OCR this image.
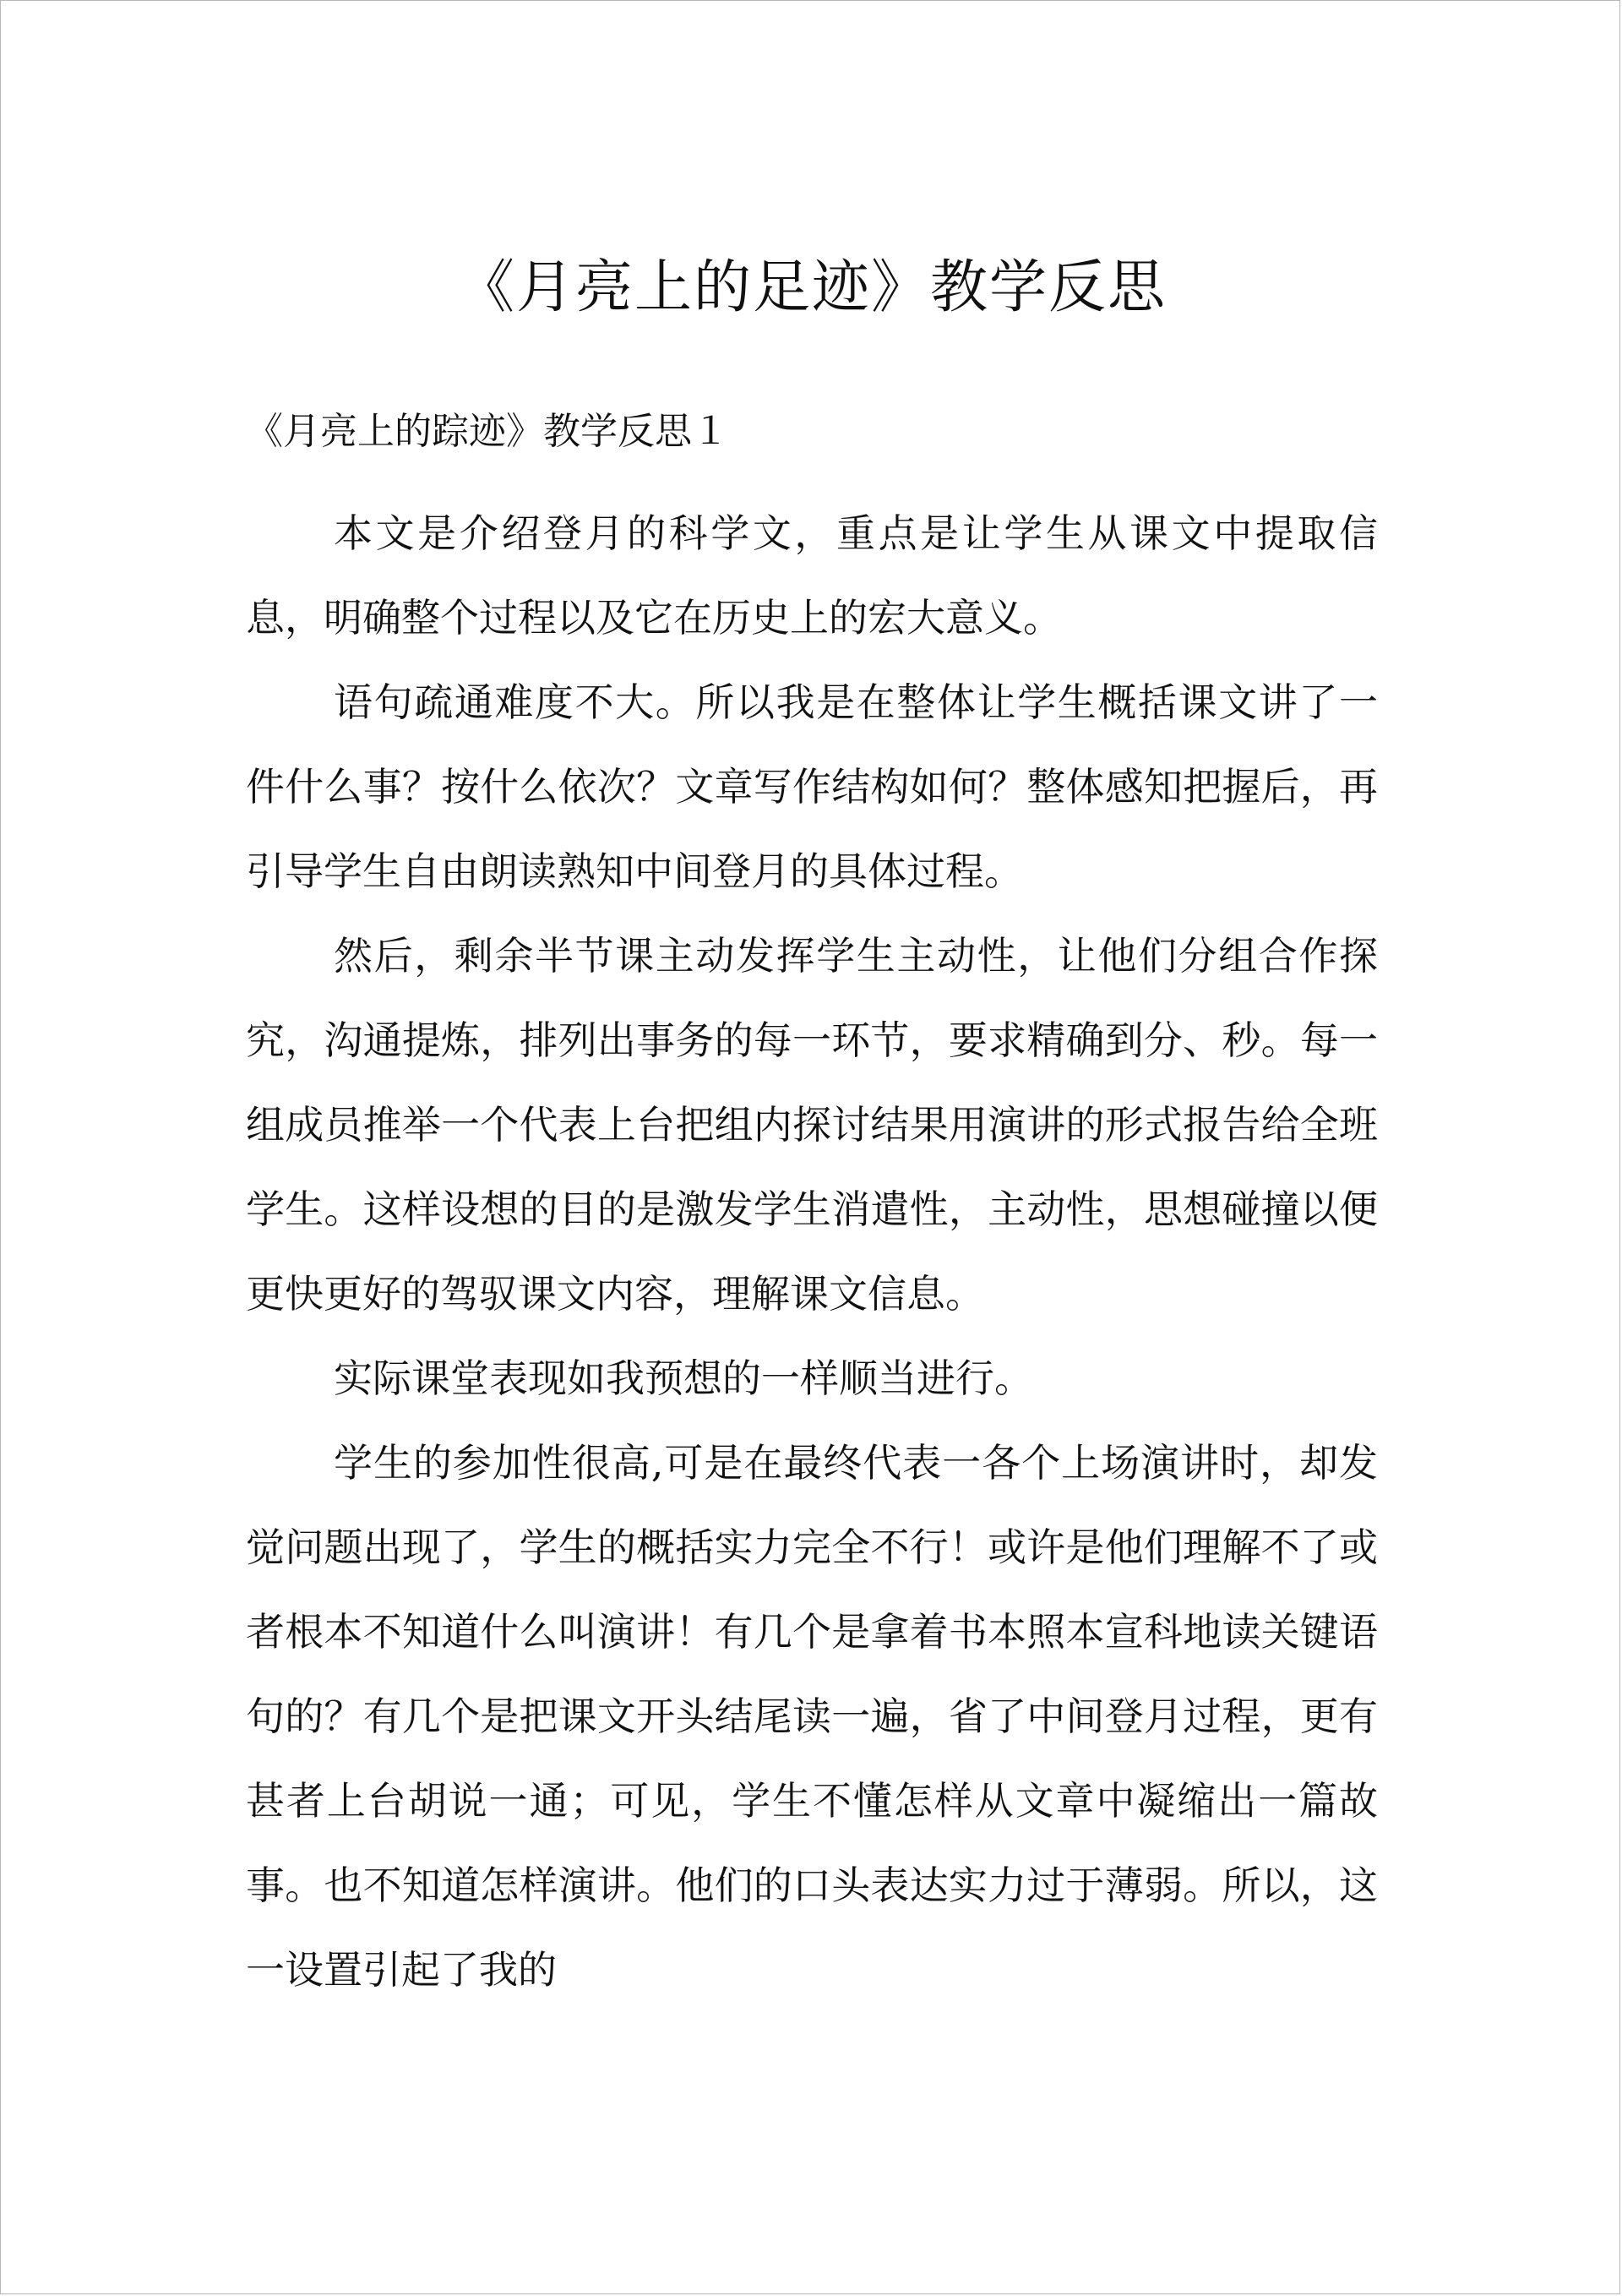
《月亮上的足迹》教学反思
《月亮上的踪迹》教学反思１

本文是介绍登月的科学文，重点是让学生从课文中提取信息，明确整个过程以及它在历史上的宏大意义。

语句疏通难度不大。所以我是在整体让学生概括课文讲了一件什么事？按什么依次？文章写作结构如何？整体感知把握后，再引导学生自由朗读熟知中间登月的具体过程。

然后，剩余半节课主动发挥学生主动性，让他们分组合作探究，沟通提炼，排列出事务的每一环节，要求精确到分、秒。每一组成员推举一个代表上台把组内探讨结果用演讲的形式报告给全班学生。这样设想的目的是激发学生消遣性，主动性，思想碰撞以便更快更好的驾驭课文内容，理解课文信息。

实际课堂表现如我预想的一样顺当进行。

学生的参加性很高,可是在最终代表一各个上场演讲时，却发觉问题出现了，学生的概括实力完全不行！或许是他们理解不了或者根本不知道什么叫演讲！有几个是拿着书本照本宣科地读关键语句的？有几个是把课文开头结尾读一遍，省了中间登月过程，更有甚者上台胡说一通；可见，学生不懂怎样从文章中凝缩出一篇故事。也不知道怎样演讲。他们的口头表达实力过于薄弱。所以，这一设置引起了我的
